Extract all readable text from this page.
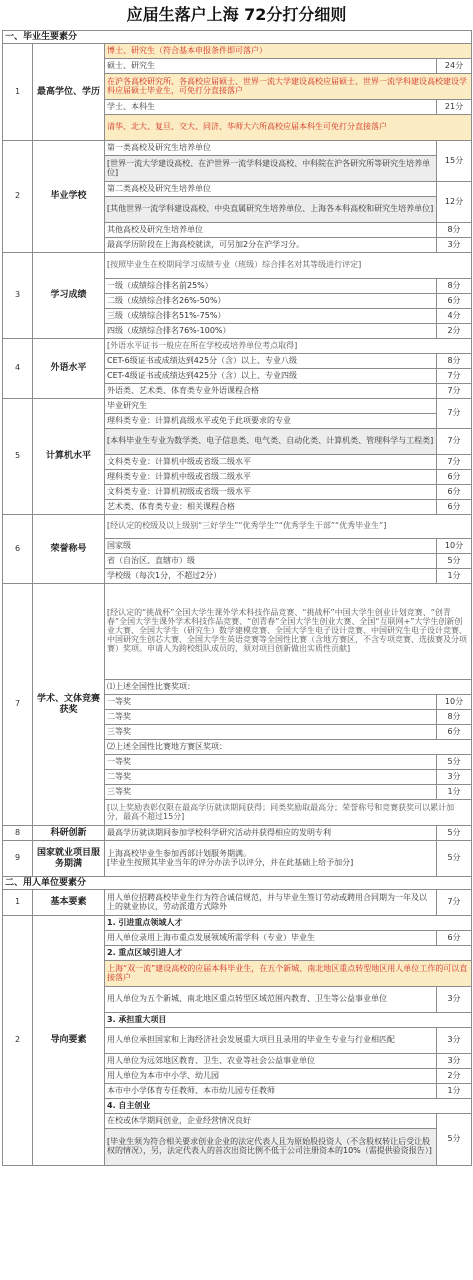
应届生落户上海 72分打分细则
一、毕业生要素分			
1	最高学位、学历	博士、研究生（符合基本申报条件即可落户）	
		硕士、研究生	24分
		在沪各高校研究所、各高校应届硕士、世界一流大学建设高校应届硕士、世界一流学科建设高校建设学科应届硕士毕业生，可免打分直接落户	
		学士、本科生	21分
		清华、北大、复旦、交大、同济、华师大六所高校应届本科生可免打分直接落户	
2	毕业学校	第一类高校及研究生培养单位	15分
		[世界一流大学建设高校、在沪世界一流学科建设高校、中科院在沪各研究所等研究生培养单位]	
		第二类高校及研究生培养单位	12分
		[其他世界一流学科建设高校、中央直属研究生培养单位、上海各本科高校和研究生培养单位]	
		其他高校及研究生培养单位	8分
		最高学历阶段在上海高校就读，可另加2分在沪学习分。	3分
3	学习成绩	[按照毕业生在校期间学习成绩专业（班级）综合排名对其等级进行评定]	
		一级（成绩综合排名前25%）	8分
		二级（成绩综合排名26%-50%）	6分
		三级（成绩综合排名51%-75%）	4分
		四级（成绩综合排名76%-100%）	2分
4	外语水平	[外语水平证书一般应在所在学校或培养单位考点取得]	
		CET-6级证书或成绩达到425分（含）以上、专业八级	8分
		CET-4级证书或成绩达到425分（含）以上、专业四级	7分
		外语类、艺术类、体育类专业外语课程合格	7分
5	计算机水平	毕业研究生	7分
		理科类专业：计算机高级水平或免于此项要求的专业	
		[本科毕业生专业为数学类、电子信息类、电气类、自动化类、计算机类、管理科学与工程类]	7分
		文科类专业：计算机中级或省级二级水平	7分
		理科类专业：计算机中级或省级二级水平	6分
		文科类专业：计算机初级或省级一级水平	6分
		艺术类、体育类专业：相关课程合格	6分
6	荣誉称号	[经认定的校级及以上级别“三好学生”“优秀学生”“优秀学生干部”“优秀毕业生”]	
		国家级	10分
		省（自治区、直辖市）级	5分
		学校级（每次1分，不超过2分）	1分
7	学术、文体竞赛获奖	[经认定的“挑战杯”全国大学生课外学术科技作品竞赛、“挑战杯”中国大学生创业计划竞赛、“创青春”全国大学生课外学术科技作品竞赛、“创青春”全国大学生创业大赛、全国“互联网+”大学生创新创业大赛、全国大学生（研究生）数学建模竞赛、全国大学生电子设计竞赛、中国研究生电子设计竞赛、中国研究生创芯大赛、全国大学生英语竞赛等全国性比赛（含地方赛区，不含专项竞赛、选拔赛及分项赛）奖项。申请人为跨校组队成员的，须对项目创新做出实质性贡献]	
		⑴上述全国性比赛奖项：	
		一等奖	10分
		二等奖	8分
		三等奖	6分
		⑵上述全国性比赛地方赛区奖项：	
		一等奖	5分
		二等奖	3分
		三等奖	1分
		[以上奖励表彰仅限在最高学历就读期间获得；同类奖励取最高分；荣誉称号和竞赛获奖可以累计加分，最高不超过15分]	
8	科研创新	最高学历就读期间参加学校科学研究活动并获得相应的发明专利	5分
9	国家就业项目服务期满	上海高校毕业生参加西部计划服务期满。
[毕业生按照其毕业当年的评分办法予以评分，并在此基础上给予加分]	5分
二、用人单位要素分			
1	基本要素	用人单位招聘高校毕业生行为符合诚信规范，并与毕业生签订劳动或聘用合同期为一年及以上的就业协议，劳动派遣方式除外	7分
2	导向要素	1. 引进重点领域人才	
		用人单位录用上海市重点发展领域所需学科（专业）毕业生	6分
		2. 重点区域引进人才	
		上海“双一流”建设高校的应届本科毕业生，在五个新城、南北地区重点转型地区用人单位工作的可以直接落户	
		用人单位为五个新城、南北地区重点转型区域范围内教育、卫生等公益事业单位	3分
		3. 承担重大项目	
		用人单位承担国家和上海经济社会发展重大项目且录用的毕业生专业与行业相匹配	3分
		用人单位为远郊地区教育、卫生、农业等社会公益事业单位	3分
		用人单位为本市中小学、幼儿园	2分
		本市中小学体育专任教师、本市幼儿园专任教师	1分
		4. 自主创业	
		在校或休学期间创业，企业经营情况良好	5分
		[毕业生须为符合相关要求创业企业的法定代表人且为原始股投资人（不含股权转让后受让股权的情况），另，法定代表人的首次出资比例不低于公司注册资本的10%（需提供验资报告）]	
